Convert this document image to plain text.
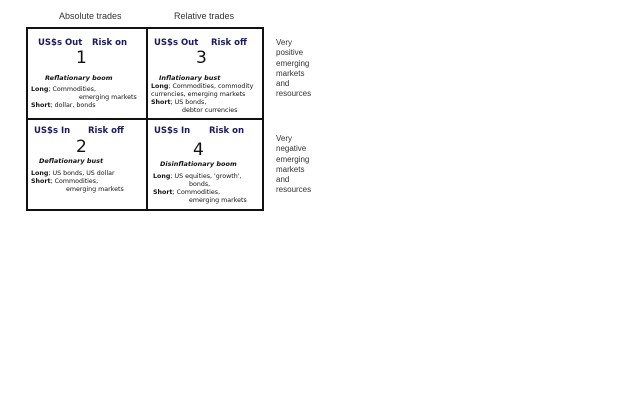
Absolute trades	Relative trades
US$s Out Risk on
1
Reflationary boom
Long; Commodities,
emerging markets
Short; dollar, bonds
US$s Out Risk off
3
Inflationary bust
Long; Commodities, commodity
currencies, emerging markets
Short; US bonds,
debtor currencies
US$s In Risk off
2
Deflationary bust
Long; US bonds, US dollar
Short; Commodities,
emerging markets
US$s In Risk on
4
Disinflationary boom
Long; US equities, 'growth',
bonds,
Short; Commodities,
emerging markets
Very
positive
emerging
markets
and
resources
Very
negative
emerging
markets
and
resources
